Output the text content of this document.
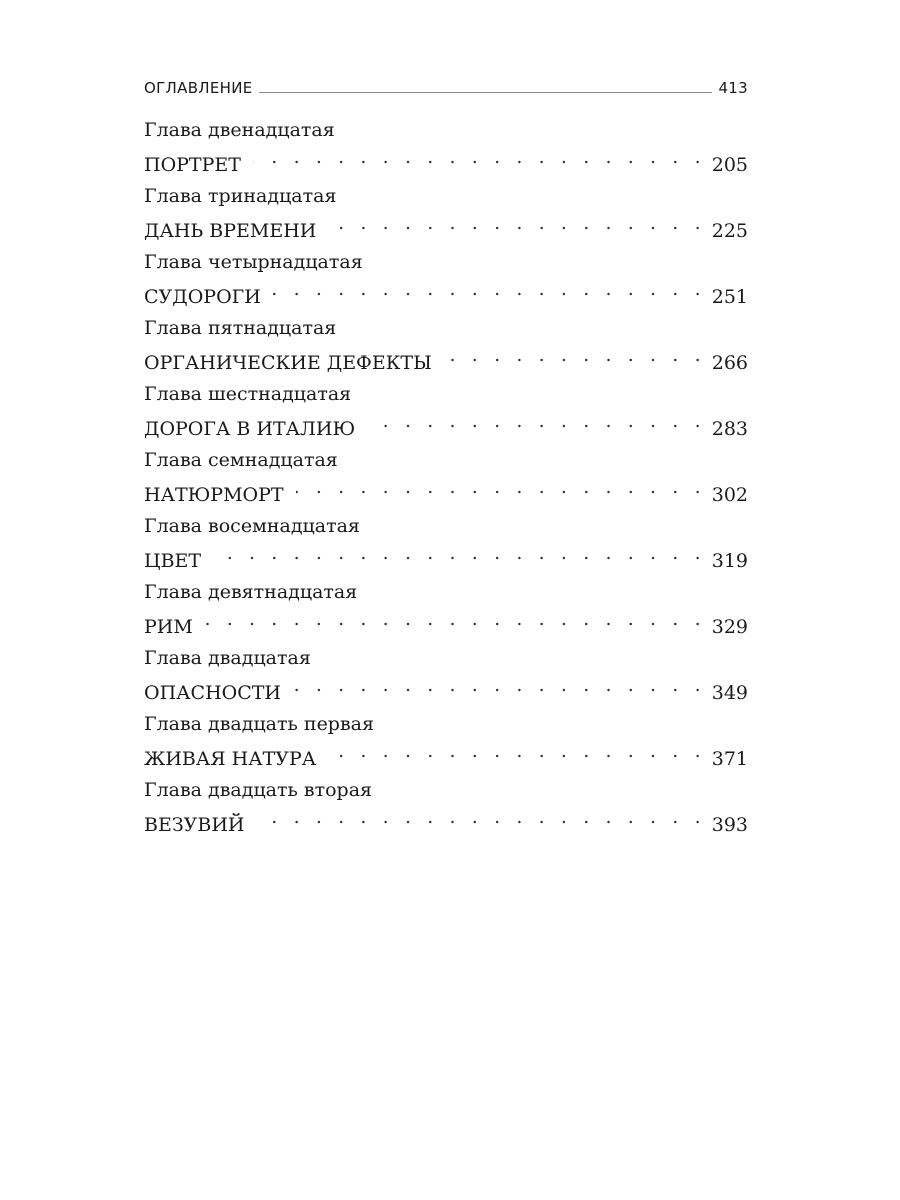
ОГЛАВЛЕНИЕ	413
Глава двенадцатая
ПОРТРЕТ . . .	205
Глава тринадцатая
ДАНЬ ВРЕМЕНИ . . .	225
Глава четырнадцатая
СУДОРОГИ . . .	251
Глава пятнадцатая
ОРГАНИЧЕСКИЕ ДЕФЕКТЫ . . .	266
Глава шестнадцатая
ДОРОГА В ИТАЛИЮ . . .	283
Глава семнадцатая
НАТЮРМОРТ . . .	302
Глава восемнадцатая
ЦВЕТ . . .	319
Глава девятнадцатая
РИМ . . .	329
Глава двадцатая
ОПАСНОСТИ . . .	349
Глава двадцать первая
ЖИВАЯ НАТУРА . . .	371
Глава двадцать вторая
ВЕЗУВИЙ . . .	393
